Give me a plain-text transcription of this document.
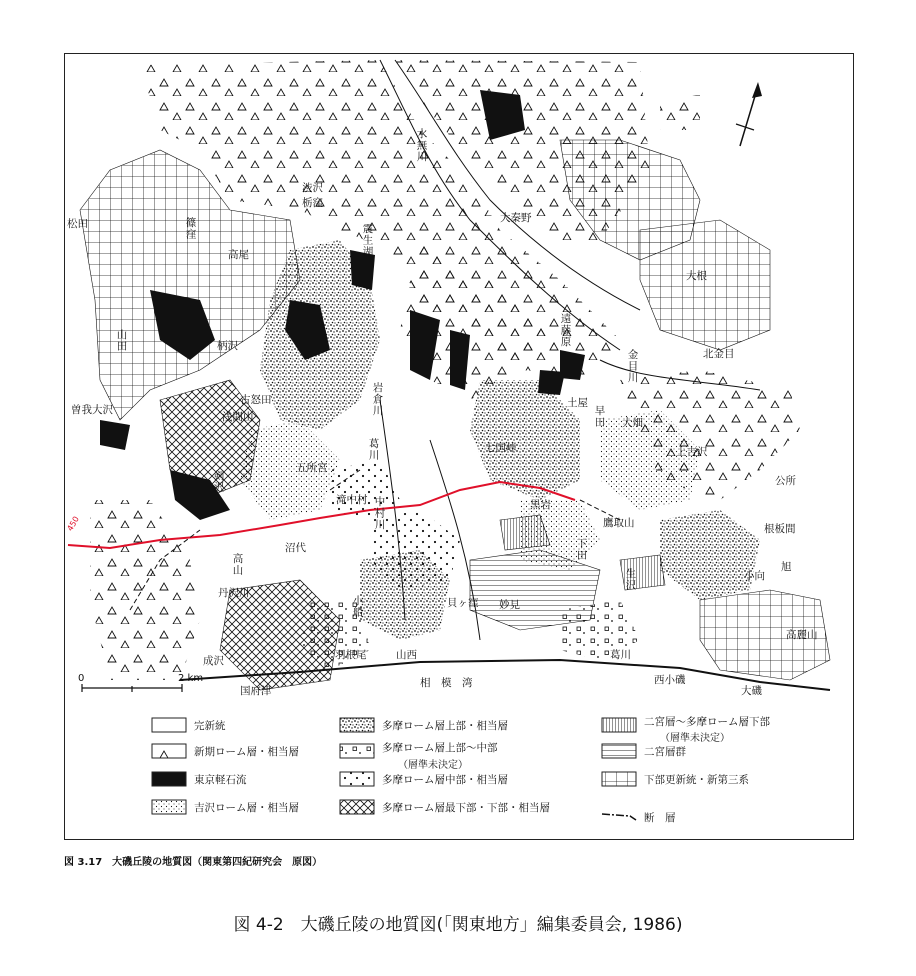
松田
渋沢
栃窪
水無川
大秦野
篠窪
高尾	震生湖
大根
北金目
遠藤原
金目川
山田	柄沢
曽我大沢
古怒田
浅間山
五所宮
岩倉川
葛川
剣沢
滝中村
七国峠
黒岩
土屋
早田 大畑
上吉沢
公所
鷹取山	根板間
沼代
高山
丹沢川
小船	貝ヶ窪 妙見
生沢	小向
旭
高麗山
成沢	羽根尾	山西
国府津
相　模　湾
葛川
西小磯
大磯
中村川
下田
450
0	2 km
完新統
新期ローム層・相当層
東京軽石流
吉沢ローム層・相当層
多摩ローム層上部・相当層
多摩ローム層上部～中部
（層準未決定）
多摩ローム層中部・相当層
多摩ローム層最下部・下部・相当層
二宮層～多摩ローム層下部
（層準未決定）
二宮層群
下部更新統・新第三系
断　層
図 3.17　大磯丘陵の地質図（関東第四紀研究会　原図）
図 4-2　大磯丘陵の地質図(「関東地方」編集委員会, 1986)
